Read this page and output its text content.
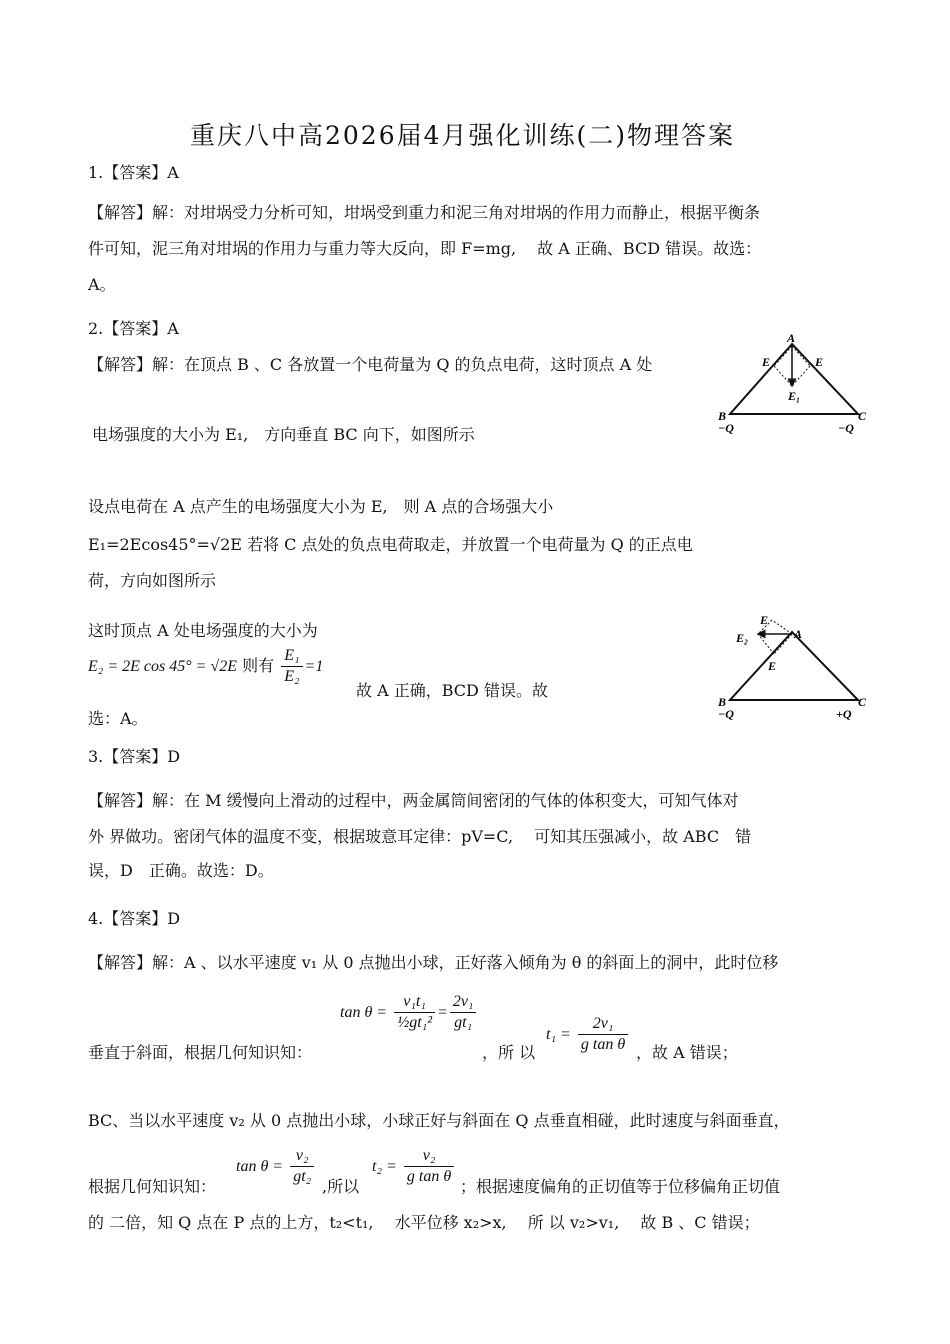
重庆八中高2026届4月强化训练(二)物理答案
1.【答案】A
【解答】解：对坩埚受力分析可知，坩埚受到重力和泥三角对坩埚的作用力而静止，根据平衡条
件可知，泥三角对坩埚的作用力与重力等大反向，即 F=mg,　 故 A 正确、BCD 错误。故选：
A。
2.【答案】A
【解答】解：在顶点 B 、C 各放置一个电荷量为 Q 的负点电荷，这时顶点 A 处
电场强度的大小为 E₁,　方向垂直 BC 向下，如图所示
设点电荷在 A 点产生的电场强度大小为 E,　则 A 点的合场强大小
E₁=2Ecos45°=√2E 若将 C 点处的负点电荷取走，并放置一个电荷量为 Q 的正点电
荷，方向如图所示
这时顶点 A 处电场强度的大小为
E₂ = 2E cos 45° = √2E 则有 $\frac{\text{E₁}}{\text{E₂}} =1$
故 A 正确，BCD 错误。故
选：A。
A
E	E
E₁
B	C
−Q	−Q
A
E
E₂
E
B	C
−Q	+Q
3.【答案】D
【解答】解：在 M 缓慢向上滑动的过程中，两金属筒间密闭的气体的体积变大，可知气体对
外 界做功。密闭气体的温度不变，根据玻意耳定律：pV=C,　 可知其压强减小，故 ABC　错
误，D　正确。故选：D。
4.【答案】D
【解答】解：A 、以水平速度 v₁ 从 0 点抛出小球，正好落入倾角为 θ 的斜面上的洞中，此时位移
$\tan \theta = \frac{\text{v₁t₁}}{\text{½gt₁²}} = \frac{\text{2v₁}}{\text{gt₁}}$
垂直于斜面，根据几何知识知：	，所 以
$t_1 = \frac{\text{2v₁}}{\text{g tan θ}}$ ，故 A 错误；
BC、当以水平速度 v₂ 从 0 点抛出小球，小球正好与斜面在 Q 点垂直相碰，此时速度与斜面垂直，
$\tan \theta = \frac{\text{v₂}}{\text{gt₂}}$
根据几何知识知：	,所以
$t_2 = \frac{\text{v₂}}{\text{g tan θ}}$ ；根据速度偏角的正切值等于位移偏角正切值
的 二倍，知 Q 点在 P 点的上方，t₂<t₁,　 水平位移 x₂>x,　 所 以 v₂>v₁,　 故 B 、C 错误；
